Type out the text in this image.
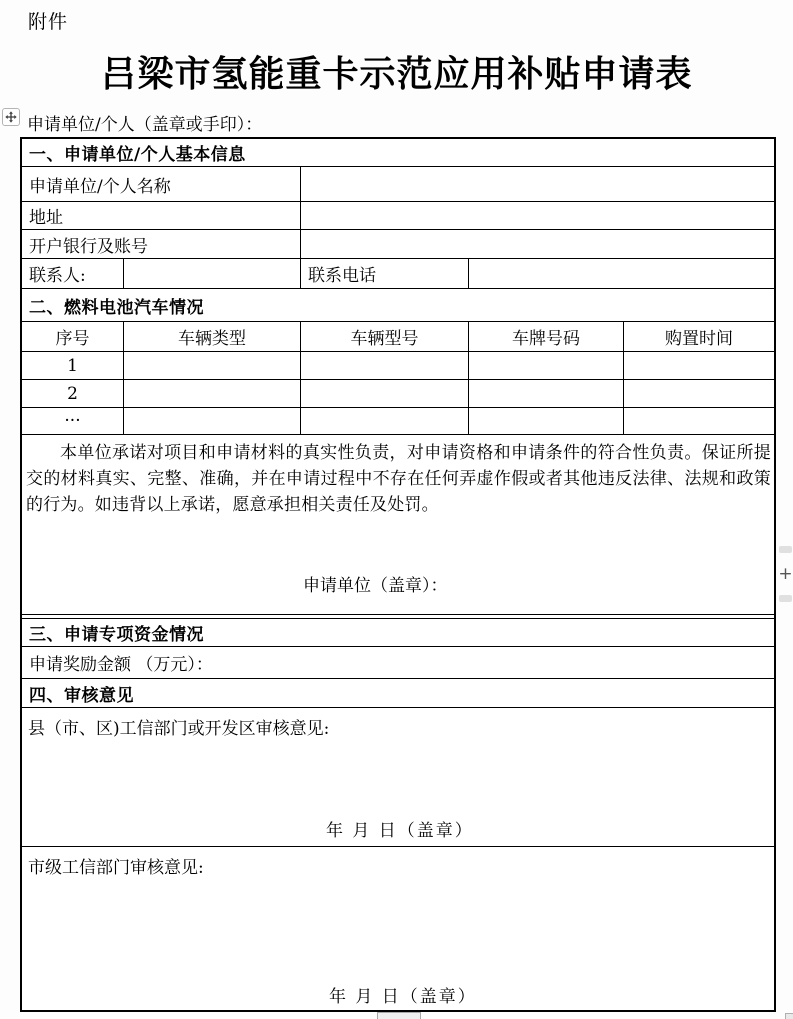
附件
吕梁市氢能重卡示范应用补贴申请表
申请单位/个人（盖章或手印）：
一、申请单位/个人基本信息
申请单位/个人名称
地址
开户银行及账号
联系人:	联系电话
二、燃料电池汽车情况
序号	车辆类型	车辆型号	车牌号码	购置时间
1
2
···

本单位承诺对项目和申请材料的真实性负责，对申请资格和申请条件的符合性负责。保证所提交的材料真实、完整、准确，并在申请过程中不存在任何弄虚作假或者其他违反法律、法规和政策的行为。如违背以上承诺，愿意承担相关责任及处罚。

申请单位（盖章）：
三、申请专项资金情况
申请奖励金额 （万元）：
四、审核意见
县（市、区)工信部门或开发区审核意见:
年 月 日（盖章）
市级工信部门审核意见:
年 月 日（盖章）
+
